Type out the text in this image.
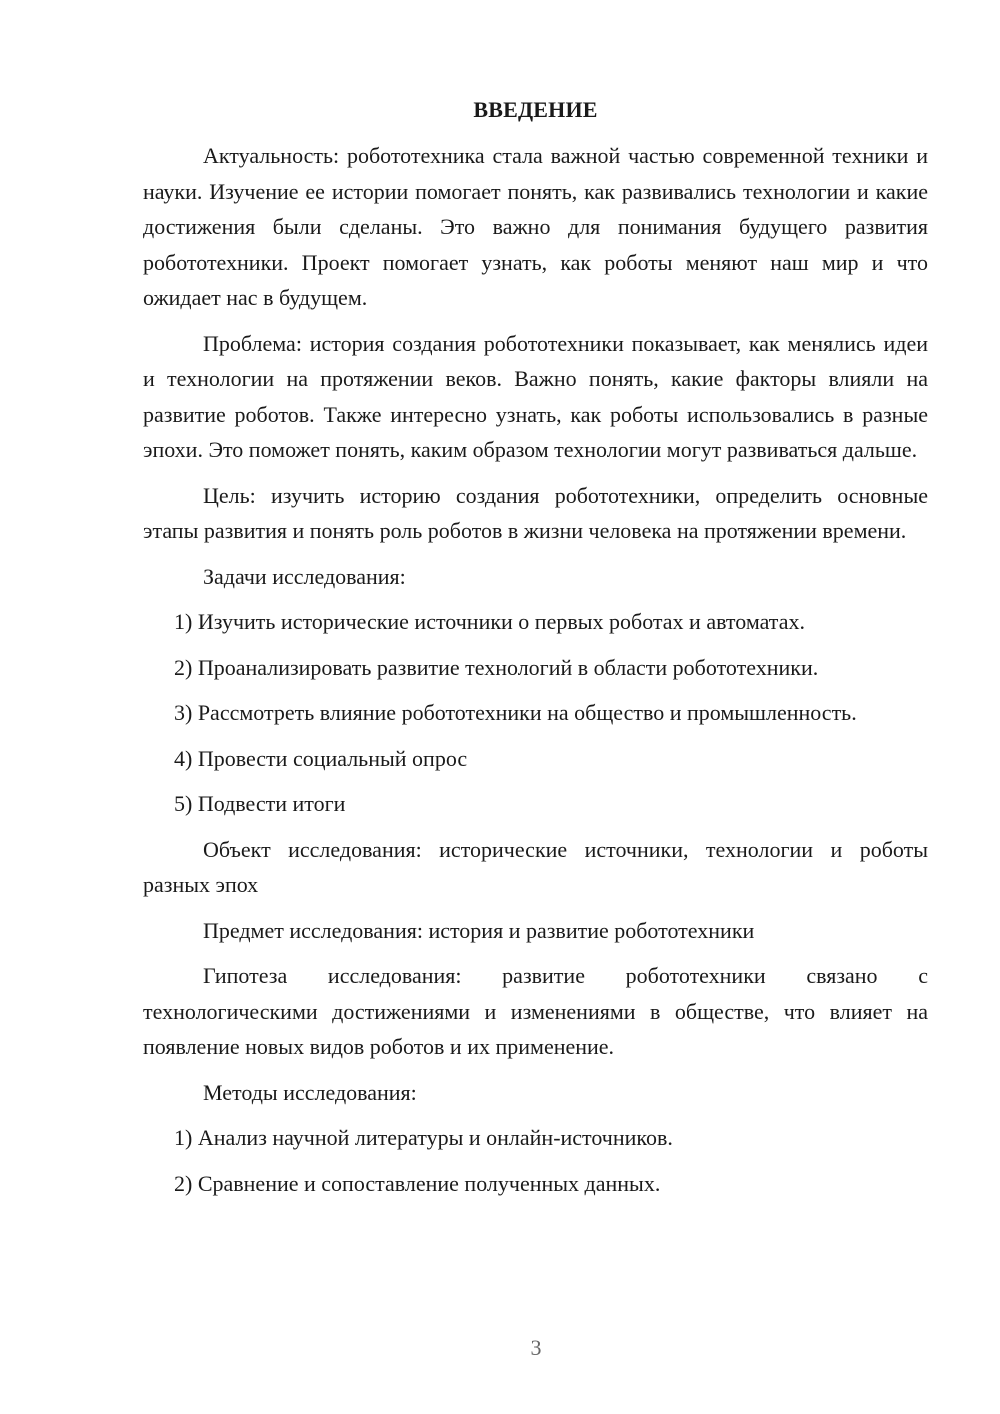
ВВЕДЕНИЕ

Актуальность: робототехника стала важной частью современной техники и науки. Изучение ее истории помогает понять, как развивались технологии и какие достижения были сделаны. Это важно для понимания будущего развития робототехники. Проект помогает узнать, как роботы меняют наш мир и что ожидает нас в будущем.

Проблема: история создания робототехники показывает, как менялись идеи и технологии на протяжении веков. Важно понять, какие факторы влияли на развитие роботов. Также интересно узнать, как роботы использовались в разные эпохи. Это поможет понять, каким образом технологии могут развиваться дальше.

Цель: изучить историю создания робототехники, определить основные этапы развития и понять роль роботов в жизни человека на протяжении времени.

Задачи исследования:

1) Изучить исторические источники о первых роботах и автоматах.

2) Проанализировать развитие технологий в области робототехники.

3) Рассмотреть влияние робототехники на общество и промышленность.

4) Провести социальный опрос

5) Подвести итоги

Объект исследования: исторические источники, технологии и роботы разных эпох

Предмет исследования: история и развитие робототехники

Гипотеза исследования: развитие робототехники связано с технологическими достижениями и изменениями в обществе, что влияет на появление новых видов роботов и их применение.

Методы исследования:

1) Анализ научной литературы и онлайн-источников.

2) Сравнение и сопоставление полученных данных.

3
